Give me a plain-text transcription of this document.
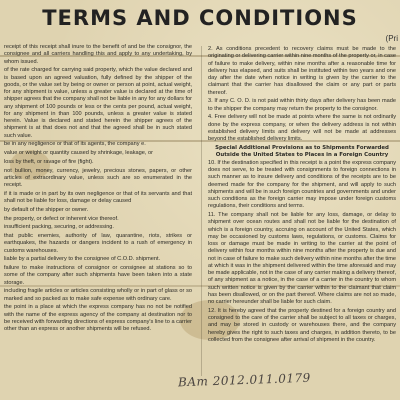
TERMS AND CONDITIONS
(Pri

receipt of this receipt shall inure to the benefit of and be the consignor, the consignee and all carriers handling this and apply to any undertaking, by whom issued.

of the rate charged for carrying said property, which the value declared and is based upon an agreed valuation, fully defined by the shipper of the goods, or the value set by being or owner or person at point, actual weight, for any shipment is value, unless a greater value is declared at the time of shipper agrees that the company shall not be liable in any for any dollars for any shipment of 100 pounds or less or the cents per pound, actual weight, for any shipment in than 100 pounds, unless a greater value is stated herein. Value is declared and stated herein the shipper agrees of the shipment is at that does not and that the agreed shall be in such stated such value.

be in any negligence or that of its agents, the company e.

value or weight or quantity caused by shrinkage, leakage, or

loss by theft, or ravage of fire (fight).

not bullion, money, currency, jewelry, precious stones, papers, or other articles of extraordinary value, unless such are so enumerated in the receipt.

if it is made or in part by its own negligence or that of its servants and that shall not be liable for loss, damage or delay caused

by default of the shipper or owner.

the property, or defect or inherent vice thereof.

insufficient packing, securing, or addressing.

that public enemies, authority of law, quarantine, riots, strikes or earthquakes, the hazards or dangers incident to a rush of emergency in customs warehouses.

liable by a partial delivery to the consignee of C.O.D. shipment.

failure to make instructions of consignor or consignee at stations so to some of the company after such shipments have been taken into a state storage.

including fragile articles or articles consisting wholly or in part of glass or so marked and so packed as to make safe expense with ordinary care.

the point in a place at which the express company has no not be notified with the name of the express agency of the company at destination nor to be received with forwarding directions of express company's line to a carrier other than an express or another shipments will be refused.

2. As conditions precedent to recovery claims must be made to the originating or delivering carrier within nine months of the property or, in case of failure to make delivery, within nine months after a reasonable time for delivery has elapsed, and suits shall be instituted within two years and one day after the date when notice in writing is given by the carrier to the claimant that the carrier has disallowed the claim or any part or parts thereof.

3. If any C. O. D. is not paid within thirty days after delivery has been made to the shipper the company may return the property to the consignor.

4. Free delivery will not be made at points where the same is not ordinarily done by the express company, or when the delivery address is not within established delivery limits and delivery will not be made at addresses beyond the established delivery limits.

Special Additional Provisions as to Shipments Forwarded Outside the United States to Places in a Foreign Country

10. If the destination specified in this receipt is a point the express company does not serve, to be treated with consignments to foreign connections in such manner as to insure delivery and conditions of the receipts are to be deemed made for the company for the shipment, and will apply to such shipments and will be in such foreign countries and governments and under such conditions as the foreign carrier may impose under foreign customs regulations, their conditions and terms.

11. The company shall not be liable for any loss, damage, or delay to shipment over ocean routes and shall not be liable for the destination of which is a foreign country, accruing on account of the United States, which may be occasioned by customs laws, regulations, or customs. Claims for loss or damage must be made in writing to the carrier at the point of delivery within four months within nine months after the property is due and not in case of failure to make such delivery within nine months after the time at which it was in the shipment delivered within the time aforesaid and may be made applicable, not in the case of any carrier making a delivery thereof, of any shipment as a notice, in the case of a carrier in the country to whom such written notice is given by the carrier within to the claimant that claim has been disallowed, or on the part thereof. Where claims are not so made, no carrier hereunder shall be liable for such claim.

12. It is hereby agreed that the property destined for a foreign country and consigned to the care of the carrier shall be subject to all taxes or charges, and may be stored in custody or warehouses there, and the company hereby gives the right to such taxes and charges, in addition thereto, to be collected from the consignee after arrival of shipment in the country.

BAm 2012.011.0179
